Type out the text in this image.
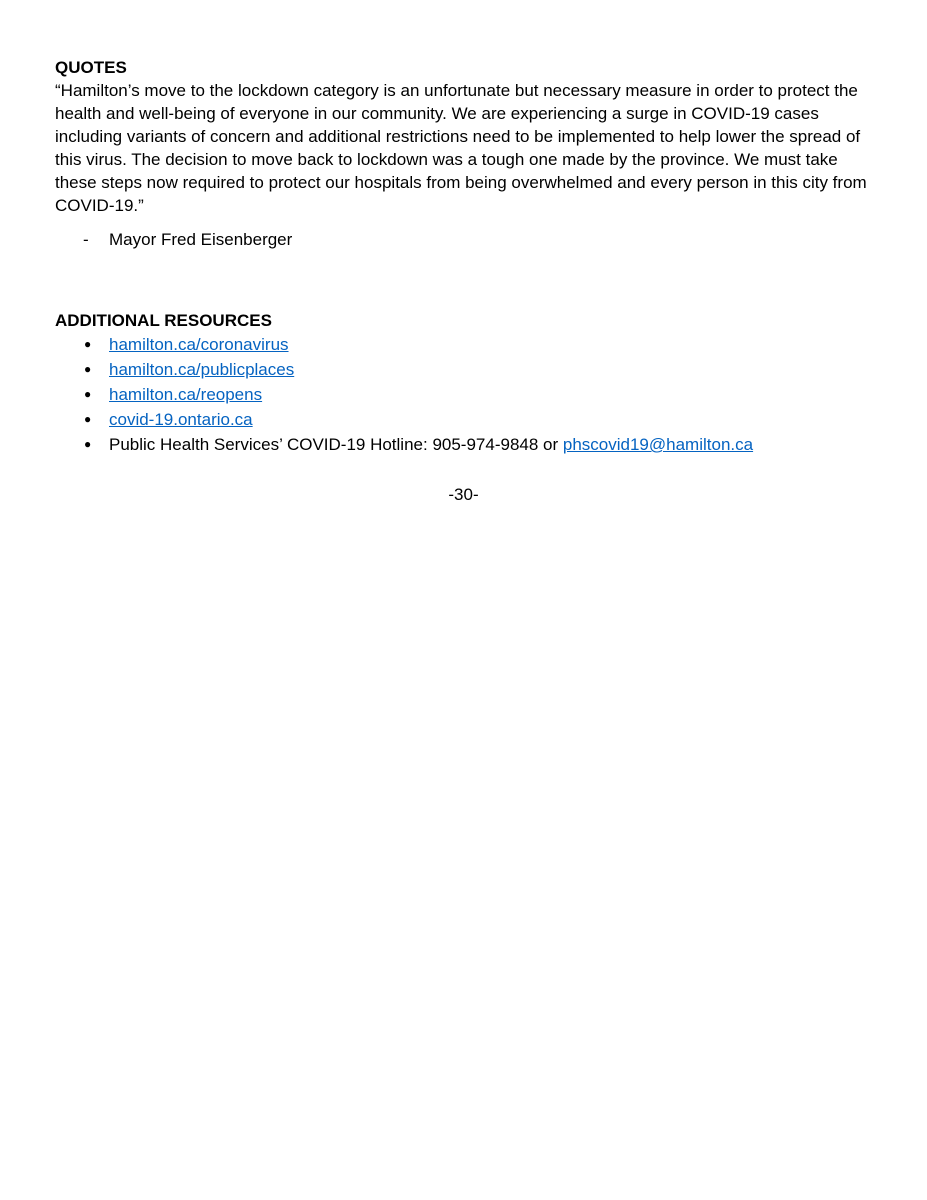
QUOTES

“Hamilton’s move to the lockdown category is an unfortunate but necessary measure in order to protect the health and well-being of everyone in our community. We are experiencing a surge in COVID-19 cases including variants of concern and additional restrictions need to be implemented to help lower the spread of this virus. The decision to move back to lockdown was a tough one made by the province. We must take these steps now required to protect our hospitals from being overwhelmed and every person in this city from COVID-19.”

- Mayor Fred Eisenberger

ADDITIONAL RESOURCES
● hamilton.ca/coronavirus
● hamilton.ca/publicplaces
● hamilton.ca/reopens
● covid-19.ontario.ca
● Public Health Services’ COVID-19 Hotline: 905-974-9848 or phscovid19@hamilton.ca

-30-
